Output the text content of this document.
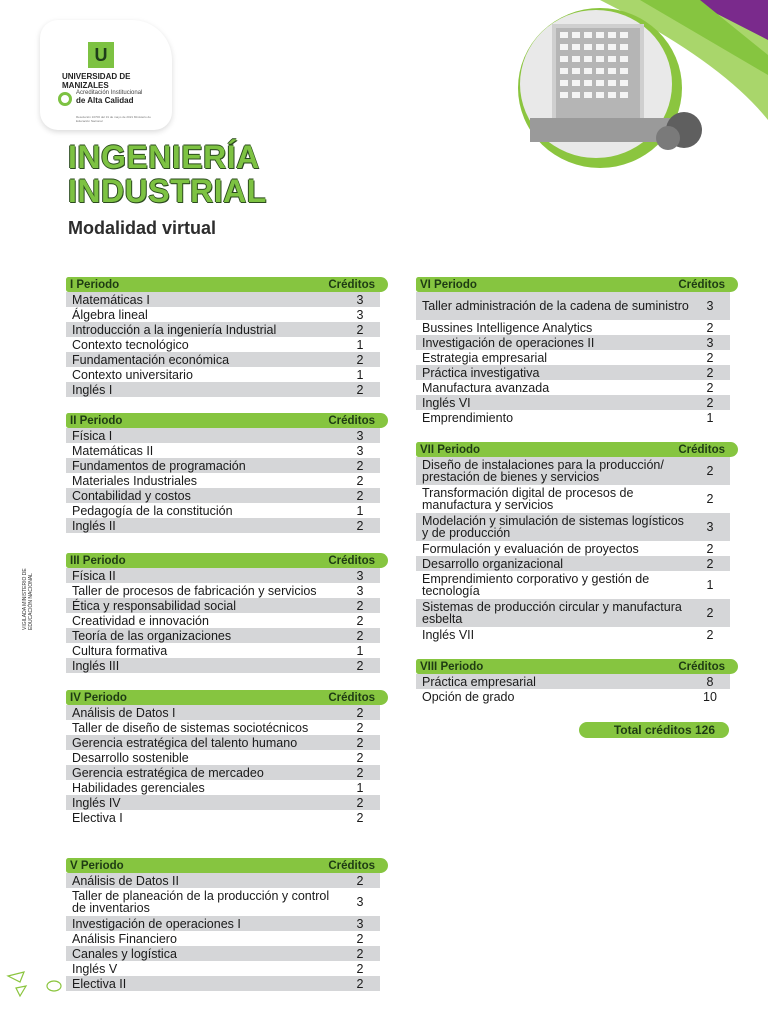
U
UNIVERSIDAD DE MANIZALES
Acreditación Institucional
de Alta Calidad
Resolución 10700 del 31 de mayo de 2021 Ministerio de Educación Nacional
INGENIERÍA
INDUSTRIAL
Modalidad virtual
VIGILADA MINISTERIO DE EDUCACIÓN NACIONAL
I Periodo	Créditos
Matemáticas I	3
Álgebra lineal	3
Introducción a la ingeniería Industrial	2
Contexto tecnológico	1
Fundamentación económica	2
Contexto universitario	1
Inglés I	2
II Periodo	Créditos
Física I	3
Matemáticas II	3
Fundamentos de programación	2
Materiales Industriales	2
Contabilidad y costos	2
Pedagogía de la constitución	1
Inglés II	2
III Periodo	Créditos
Física II	3
Taller de procesos de fabricación y servicios	3
Ética y responsabilidad social	2
Creatividad e innovación	2
Teoría de las organizaciones	2
Cultura formativa	1
Inglés III	2
IV Periodo	Créditos
Análisis de Datos I	2
Taller de diseño de sistemas sociotécnicos	2
Gerencia estratégica del talento humano	2
Desarrollo sostenible	2
Gerencia estratégica de mercadeo	2
Habilidades gerenciales	1
Inglés IV	2
Electiva I	2
V Periodo	Créditos
Análisis de Datos II	2
Taller de planeación de la producción y control de inventarios	3
Investigación de operaciones I	3
Análisis Financiero	2
Canales y logística	2
Inglés V	2
Electiva II	2
VI Periodo	Créditos
Taller administración de la cadena de suministro	3
Bussines Intelligence Analytics	2
Investigación de operaciones II	3
Estrategia empresarial	2
Práctica investigativa	2
Manufactura avanzada	2
Inglés VI	2
Emprendimiento	1
VII Periodo	Créditos
Diseño de instalaciones para la producción/ prestación de bienes y servicios	2
Transformación digital de procesos de manufactura y servicios	2
Modelación y simulación de sistemas logísticos y de producción	3
Formulación y evaluación de proyectos	2
Desarrollo organizacional	2
Emprendimiento corporativo y gestión de tecnología	1
Sistemas de producción circular y manufactura esbelta	2
Inglés VII	2
VIII Periodo	Créditos
Práctica empresarial	8
Opción de grado	10
Total créditos 126
